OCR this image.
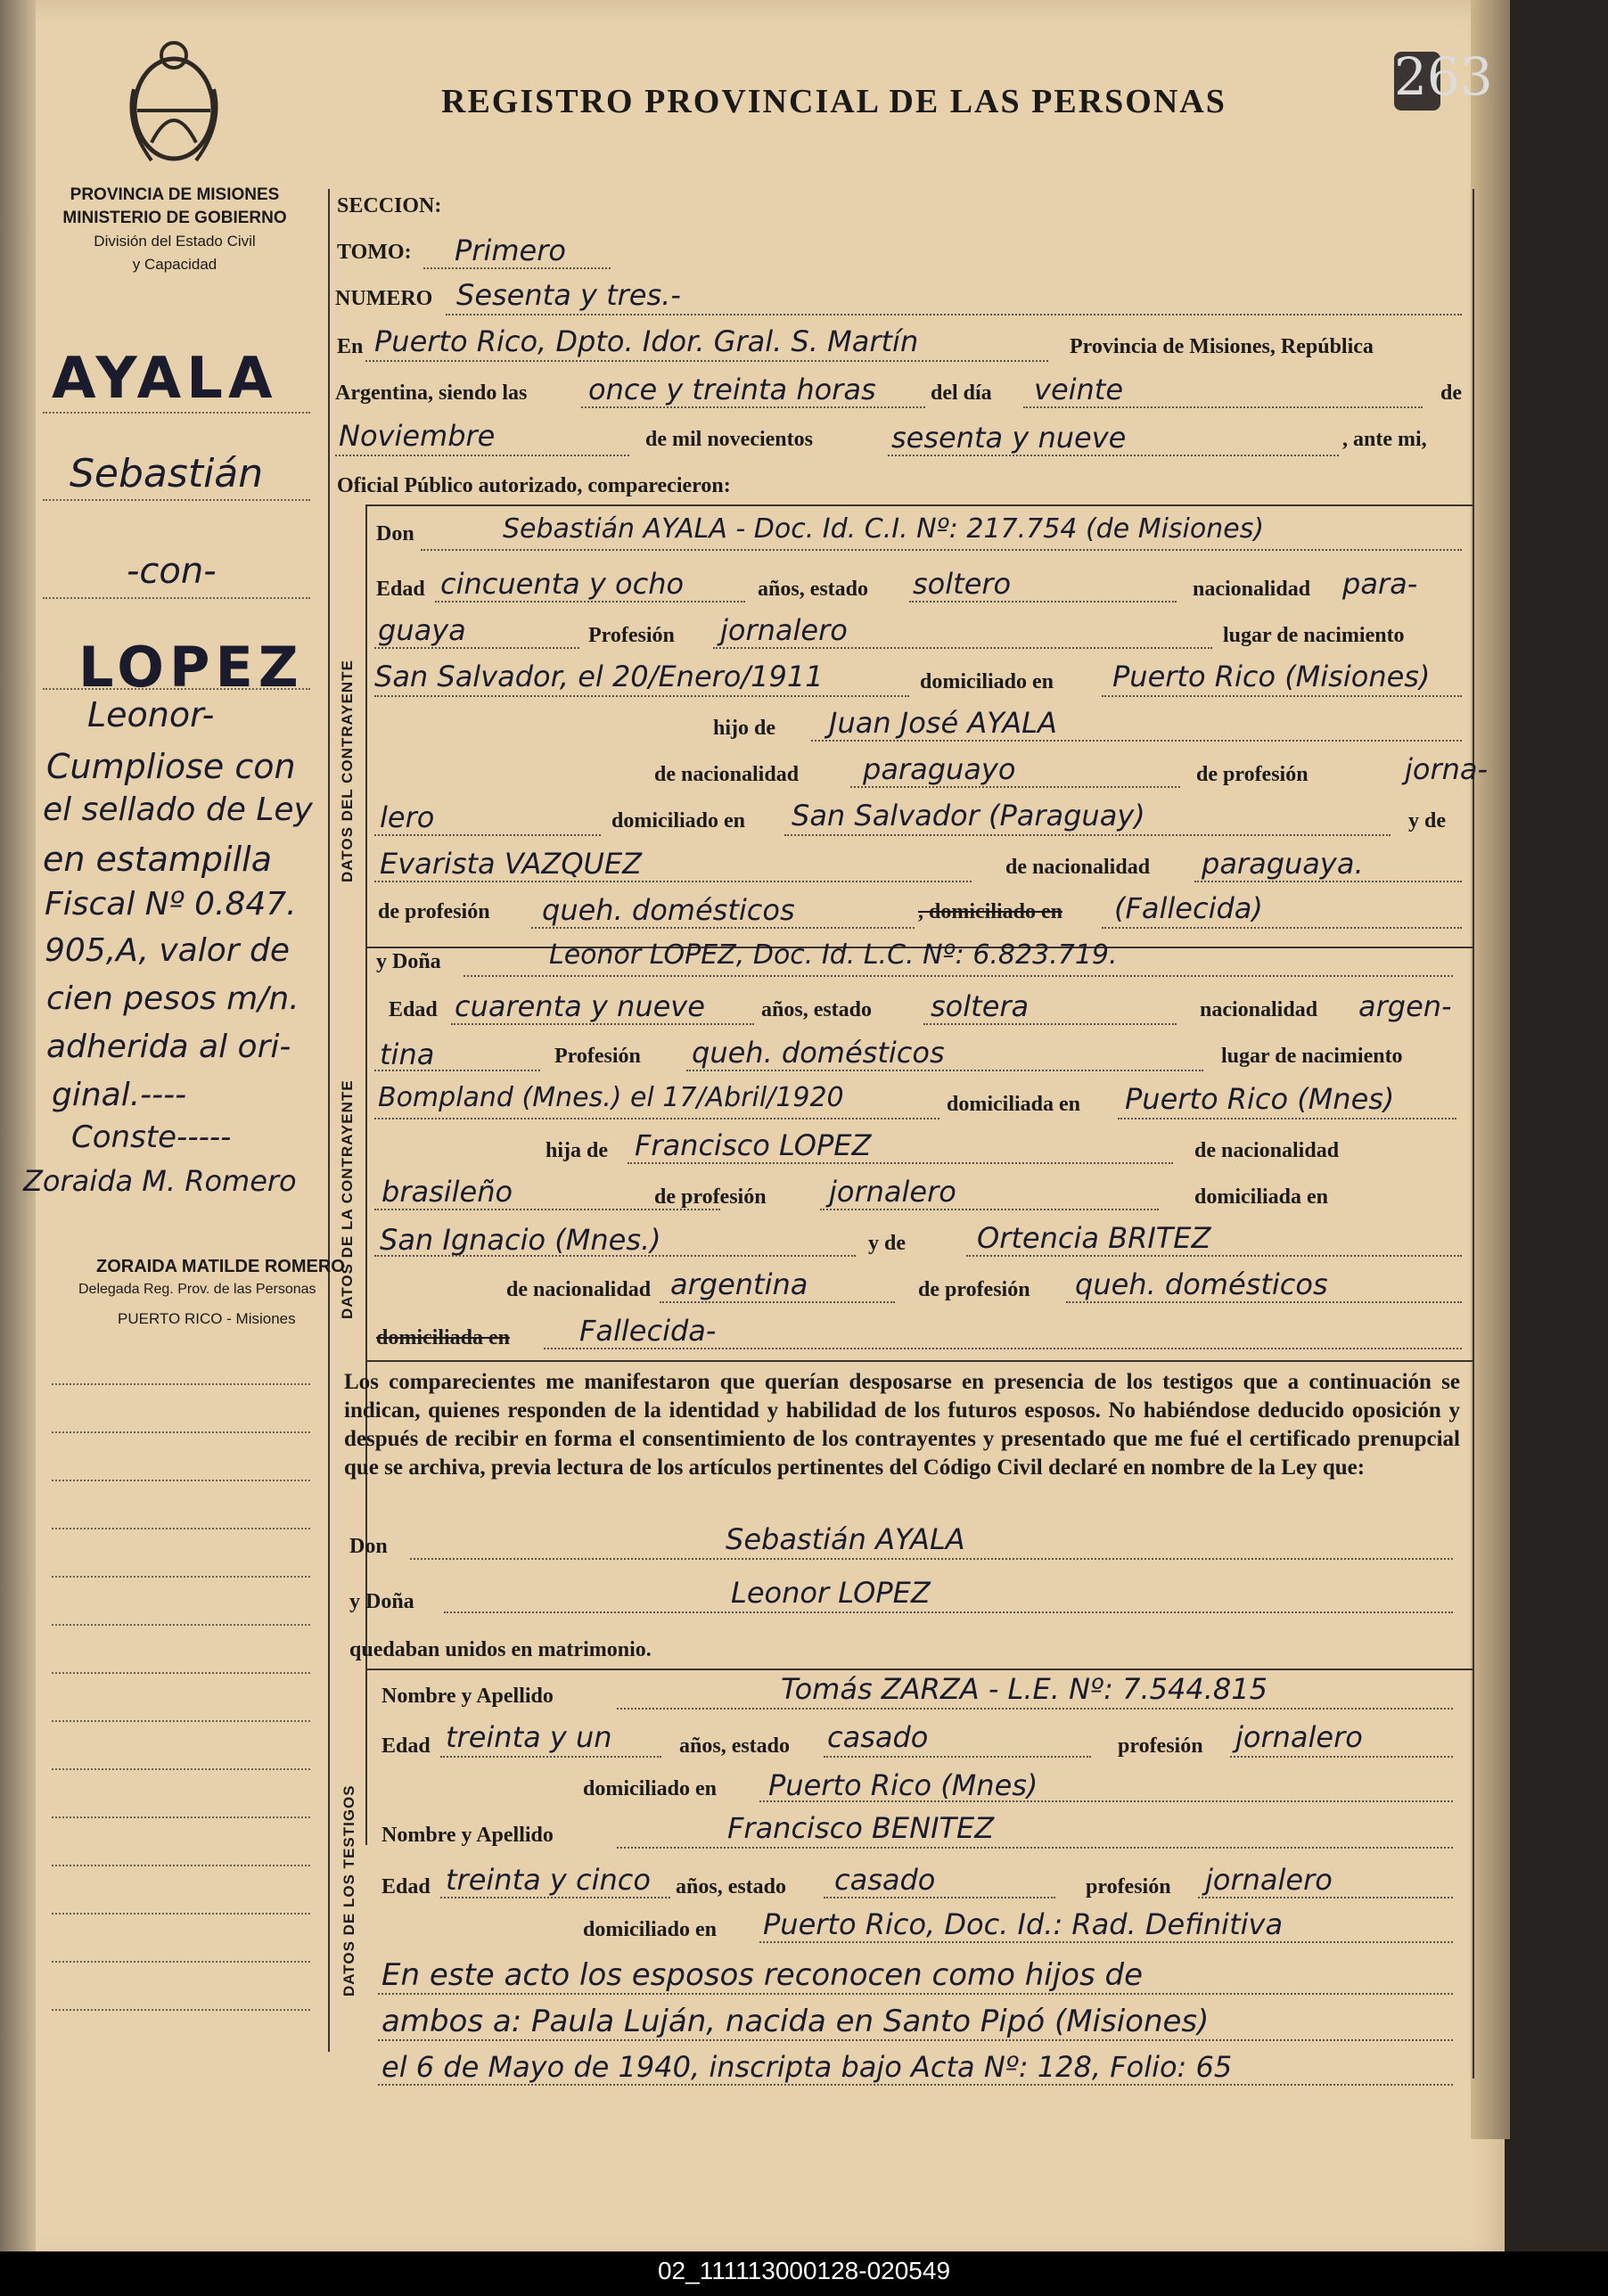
263
REGISTRO PROVINCIAL DE LAS PERSONAS
PROVINCIA DE MISIONES
MINISTERIO DE GOBIERNO
División del Estado Civil
y Capacidad
AYALA
Sebastián
-con-
LOPEZ
Leonor-
Cumpliose con
el sellado de Ley
en estampilla
Fiscal Nº 0.847.
905,A, valor de
cien pesos m/n.
adherida al ori-
ginal.----
Conste-----
Zoraida M. Romero
ZORAIDA MATILDE ROMERO
Delegada Reg. Prov. de las Personas
PUERTO RICO - Misiones
SECCION:
TOMO: Primero
NUMERO Sesenta y tres.-
En Puerto Rico, Dpto. Idor. Gral. S. Martín	Provincia de Misiones, República
Argentina, siendo las once y treinta horas	del día veinte	de
Noviembre	de mil novecientos	sesenta y nueve	, ante mi,
Oficial Público autorizado, comparecieron:
DATOS DEL CONTRAYENTE
Don	Sebastián AYALA - Doc. Id. C.I. Nº: 217.754 (de Misiones)
Edad cincuenta y ocho	años, estado soltero	nacionalidad para-
guaya	Profesión jornalero	lugar de nacimiento
San Salvador, el 20/Enero/1911	domiciliado en Puerto Rico (Misiones)
hijo de Juan José AYALA
de nacionalidad paraguayo	de profesión	jorna-
lero	domiciliado en San Salvador (Paraguay)	y de
Evarista VAZQUEZ	de nacionalidad paraguaya.
de profesión queh. domésticos	, domiciliado en (Fallecida)
DATOS DE LA CONTRAYENTE
y Doña	Leonor LOPEZ, Doc. Id. L.C. Nº: 6.823.719.
Edad cuarenta y nueve	años, estado soltera	nacionalidad argen-
tina	Profesión queh. domésticos	lugar de nacimiento
Bompland (Mnes.) el 17/Abril/1920	domiciliada en Puerto Rico (Mnes)
hija de Francisco LOPEZ	de nacionalidad
brasileño	de profesión jornalero	domiciliada en
San Ignacio (Mnes.)	y de	Ortencia BRITEZ
de nacionalidad argentina	de profesión queh. domésticos
domiciliada en Fallecida-
Los comparecientes me manifestaron que querían desposarse en presencia de los testigos que a continuación se indican, quienes responden de la identidad y habilidad de los futuros esposos. No habiéndose deducido oposición y después de recibir en forma el consentimiento de los contrayentes y presentado que me fué el certificado prenupcial que se archiva, previa lectura de los artículos pertinentes del Código Civil declaré en nombre de la Ley que:
Don	Sebastián AYALA
y Doña	Leonor LOPEZ
quedaban unidos en matrimonio.
DATOS DE LOS TESTIGOS
Nombre y Apellido	Tomás ZARZA - L.E. Nº: 7.544.815
Edad treinta y un	años, estado casado	profesión jornalero
domiciliado en Puerto Rico (Mnes)
Nombre y Apellido	Francisco BENITEZ
Edad treinta y cinco años, estado casado	profesión jornalero
domiciliado en Puerto Rico, Doc. Id.: Rad. Definitiva
En este acto los esposos reconocen como hijos de
ambos a: Paula Luján, nacida en Santo Pipó (Misiones)
el 6 de Mayo de 1940, inscripta bajo Acta Nº: 128, Folio: 65
02_111113000128-020549
